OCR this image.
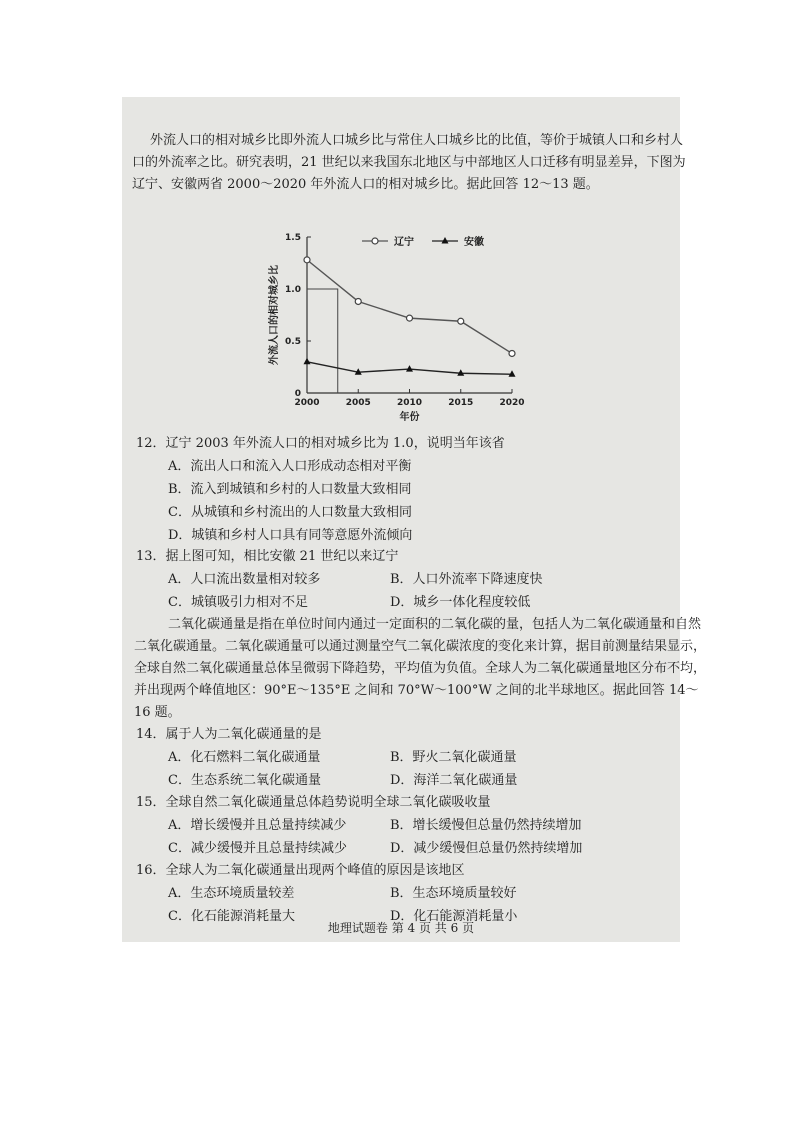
外流人口的相对城乡比即外流人口城乡比与常住人口城乡比的比值，等价于城镇人口和乡村人
口的外流率之比。研究表明，21 世纪以来我国东北地区与中部地区人口迁移有明显差异，下图为
辽宁、安徽两省 2000～2020 年外流人口的相对城乡比。据此回答 12～13 题。
0
0.5
1.0
1.5
2000	2005	2010	2015	2020
年份
外流人口的相对城乡比
辽宁	安徽
12．辽宁 2003 年外流人口的相对城乡比为 1.0，说明当年该省
A．流出人口和流入人口形成动态相对平衡
B．流入到城镇和乡村的人口数量大致相同
C．从城镇和乡村流出的人口数量大致相同
D．城镇和乡村人口具有同等意愿外流倾向
13．据上图可知，相比安徽 21 世纪以来辽宁
A．人口流出数量相对较多	B．人口外流率下降速度快
C．城镇吸引力相对不足	D．城乡一体化程度较低
二氧化碳通量是指在单位时间内通过一定面积的二氧化碳的量，包括人为二氧化碳通量和自然
二氧化碳通量。二氧化碳通量可以通过测量空气二氧化碳浓度的变化来计算，据目前测量结果显示，
全球自然二氧化碳通量总体呈微弱下降趋势，平均值为负值。全球人为二氧化碳通量地区分布不均，
并出现两个峰值地区：90°E～135°E 之间和 70°W～100°W 之间的北半球地区。据此回答 14～
16 题。
14．属于人为二氧化碳通量的是
A．化石燃料二氧化碳通量	B．野火二氧化碳通量
C．生态系统二氧化碳通量	D．海洋二氧化碳通量
15．全球自然二氧化碳通量总体趋势说明全球二氧化碳吸收量
A．增长缓慢并且总量持续减少	B．增长缓慢但总量仍然持续增加
C．减少缓慢并且总量持续减少	D．减少缓慢但总量仍然持续增加
16．全球人为二氧化碳通量出现两个峰值的原因是该地区
A．生态环境质量较差	B．生态环境质量较好
C．化石能源消耗量大	D．化石能源消耗量小
地理试题卷 第 4 页 共 6 页
